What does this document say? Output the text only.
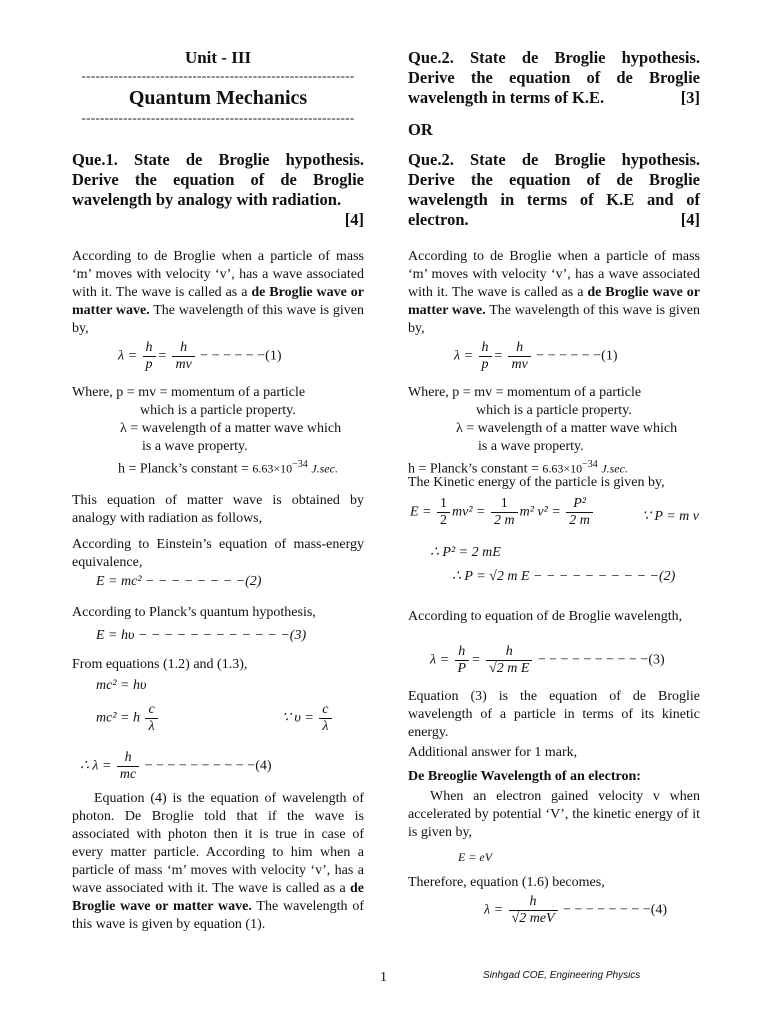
Unit - III
-----------------------------------------------------------
Quantum Mechanics
-----------------------------------------------------------
Que.1. State de Broglie hypothesis. Derive the equation of de Broglie wavelength by analogy with radiation.
[4]
According to de Broglie when a particle of mass ‘m’ moves with velocity ‘v’, has a wave associated with it. The wave is called as a de Broglie wave or matter wave. The wavelength of this wave is given by,
$\lambda = \frac{h}{p} = \frac{h}{mv}$ − − − − − −(1)
Where, p = mv = momentum of a particle
which is a particle property.
λ = wavelength of a matter wave which
is a wave property.
h = Planck’s constant = $6.63\times 10^{-34}$ J.sec.
This equation of matter wave is obtained by analogy with radiation as follows,
According to Einstein’s equation of mass-energy equivalence,
E = mc² − − − − − − − −(2)
According to Planck’s quantum hypothesis,
E = hυ − − − − − − − − − − − −(3)
From equations (1.2) and (1.3),
mc² = hυ
mc² = h $\frac{c}{\lambda}$	∵ $\upsilon = \frac{c}{\lambda}$
∴ $\lambda = \frac{h}{mc}$ − − − − − − − − − −(4)
Equation (4) is the equation of wavelength of photon. De Broglie told that if the wave is associated with photon then it is true in case of every matter particle. According to him when a particle of mass ‘m’ moves with velocity ‘v’, has a wave associated with it. The wave is called as a de Broglie wave or matter wave. The wavelength of this wave is given by equation (1).
Que.2. State de Broglie hypothesis. Derive the equation of de Broglie wavelength in terms of K.E.	[3]
OR
Que.2. State de Broglie hypothesis. Derive the equation of de Broglie wavelength in terms of K.E and of electron.	[4]
According to de Broglie when a particle of mass ‘m’ moves with velocity ‘v’, has a wave associated with it. The wave is called as a de Broglie wave or matter wave. The wavelength of this wave is given by,
$\lambda = \frac{h}{p} = \frac{h}{mv}$ − − − − − −(1)
Where, p = mv = momentum of a particle
which is a particle property.
λ = wavelength of a matter wave which
is a wave property.
h = Planck’s constant = $6.63\times 10^{-34}$ J.sec.
The Kinetic energy of the particle is given by,
$E = \frac{1}{2} mv^2 = \frac{1}{2 m} m^2$ $v^2 = \frac{\text{P²}}{2 m}$	∵ P = m v
∴ P² = 2 mE
∴ P = √2 m E − − − − − − − − − −(2)
According to equation of de Broglie wavelength,
$\lambda = \frac{h}{P} = \frac{h}{\text{√2 m E}}$ − − − − − − − − − −(3)
Equation (3) is the equation of de Broglie wavelength of a particle in terms of its kinetic energy.
Additional answer for 1 mark,
De Breoglie Wavelength of an electron:
When an electron gained velocity v when accelerated by potential ‘V’, the kinetic energy of it is given by,
E = eV
Therefore, equation (1.6) becomes,
$\lambda = \frac{h}{\text{√2 meV}}$ − − − − − − − −(4)
1	Sinhgad COE, Engineering Physics
